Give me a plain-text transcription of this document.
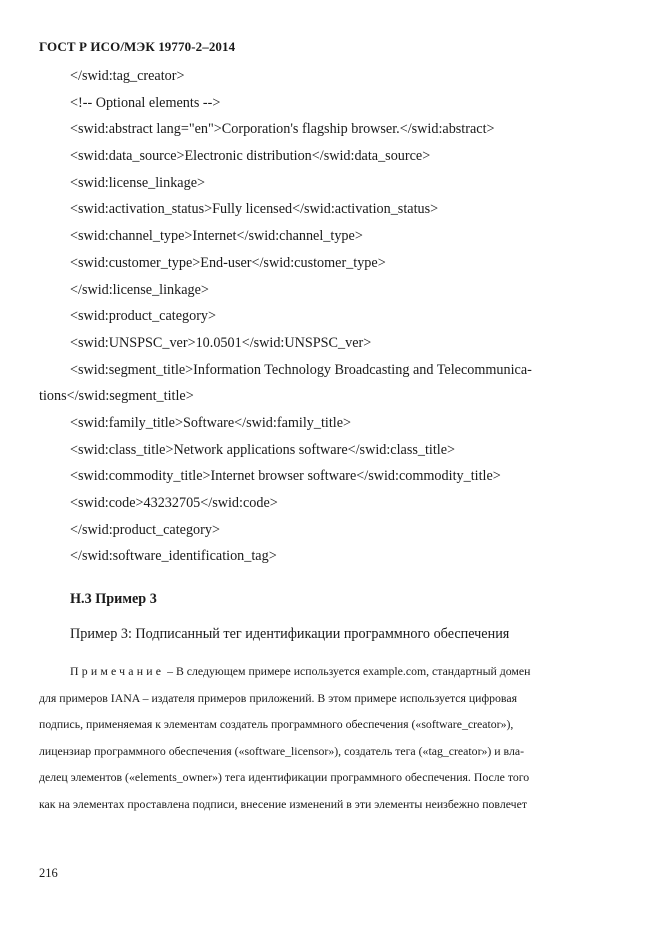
ГОСТ Р ИСО/МЭК 19770-2–2014
</swid:tag_creator>
<!-- Optional elements -->
<swid:abstract lang="en">Corporation's flagship browser.</swid:abstract>
<swid:data_source>Electronic distribution</swid:data_source>
<swid:license_linkage>
<swid:activation_status>Fully licensed</swid:activation_status>
<swid:channel_type>Internet</swid:channel_type>
<swid:customer_type>End-user</swid:customer_type>
</swid:license_linkage>
<swid:product_category>
<swid:UNSPSC_ver>10.0501</swid:UNSPSC_ver>
<swid:segment_title>Information Technology Broadcasting and Telecommunica-
tions</swid:segment_title>
<swid:family_title>Software</swid:family_title>
<swid:class_title>Network applications software</swid:class_title>
<swid:commodity_title>Internet browser software</swid:commodity_title>
<swid:code>43232705</swid:code>
</swid:product_category>
</swid:software_identification_tag>
H.3 Пример 3
Пример 3: Подписанный тег идентификации программного обеспечения
Примечание – В следующем примере используется example.com, стандартный домен
для примеров IANA – издателя примеров приложений. В этом примере используется цифровая
подпись, применяемая к элементам создатель программного обеспечения («software_creator»),
лицензиар программного обеспечения («software_licensor»), создатель тега («tag_creator») и вла-
делец элементов («elements_owner») тега идентификации программного обеспечения. После того
как на элементах проставлена подписи, внесение изменений в эти элементы неизбежно повлечет
216
